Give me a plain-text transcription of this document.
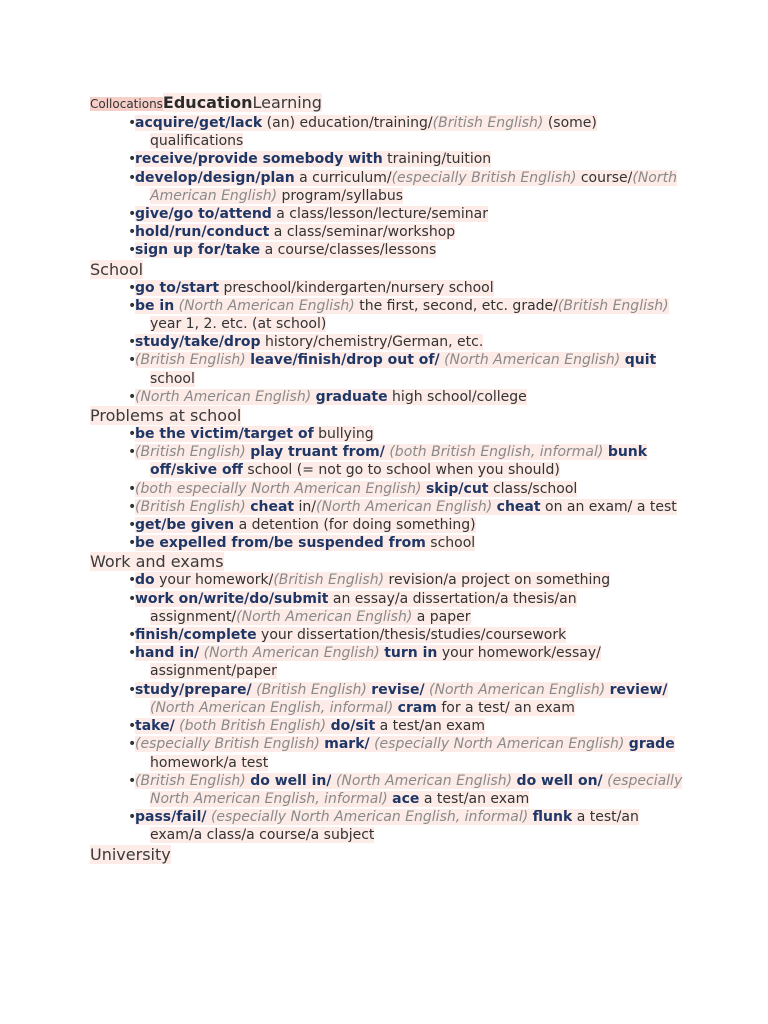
CollocationsEducationLearning
• acquire/get/lack (an) education/training/(British English) (some) qualifications
• receive/provide somebody with training/tuition
• develop/design/plan a curriculum/(especially British English) course/(North American English) program/syllabus
• give/go to/attend a class/lesson/lecture/seminar
• hold/run/conduct a class/seminar/workshop
• sign up for/take a course/classes/lessons
School
• go to/start preschool/kindergarten/nursery school
• be in (North American English) the first, second, etc. grade/(British English) year 1, 2. etc. (at school)
• study/take/drop history/chemistry/German, etc.
• (British English) leave/finish/drop out of/ (North American English) quit school
• (North American English) graduate high school/college
Problems at school
• be the victim/target of bullying
• (British English) play truant from/ (both British English, informal) bunk off/skive off school (= not go to school when you should)
• (both especially North American English) skip/cut class/school
• (British English) cheat in/(North American English) cheat on an exam/ a test
• get/be given a detention (for doing something)
• be expelled from/be suspended from school
Work and exams
• do your homework/(British English) revision/a project on something
• work on/write/do/submit an essay/a dissertation/a thesis/an assignment/(North American English) a paper
• finish/complete your dissertation/thesis/studies/coursework
• hand in/ (North American English) turn in your homework/essay/ assignment/paper
• study/prepare/ (British English) revise/ (North American English) review/ (North American English, informal) cram for a test/ an exam
• take/ (both British English) do/sit a test/an exam
• (especially British English) mark/ (especially North American English) grade homework/a test
• (British English) do well in/ (North American English) do well on/ (especially North American English, informal) ace a test/an exam
• pass/fail/ (especially North American English, informal) flunk a test/an exam/a class/a course/a subject
University
